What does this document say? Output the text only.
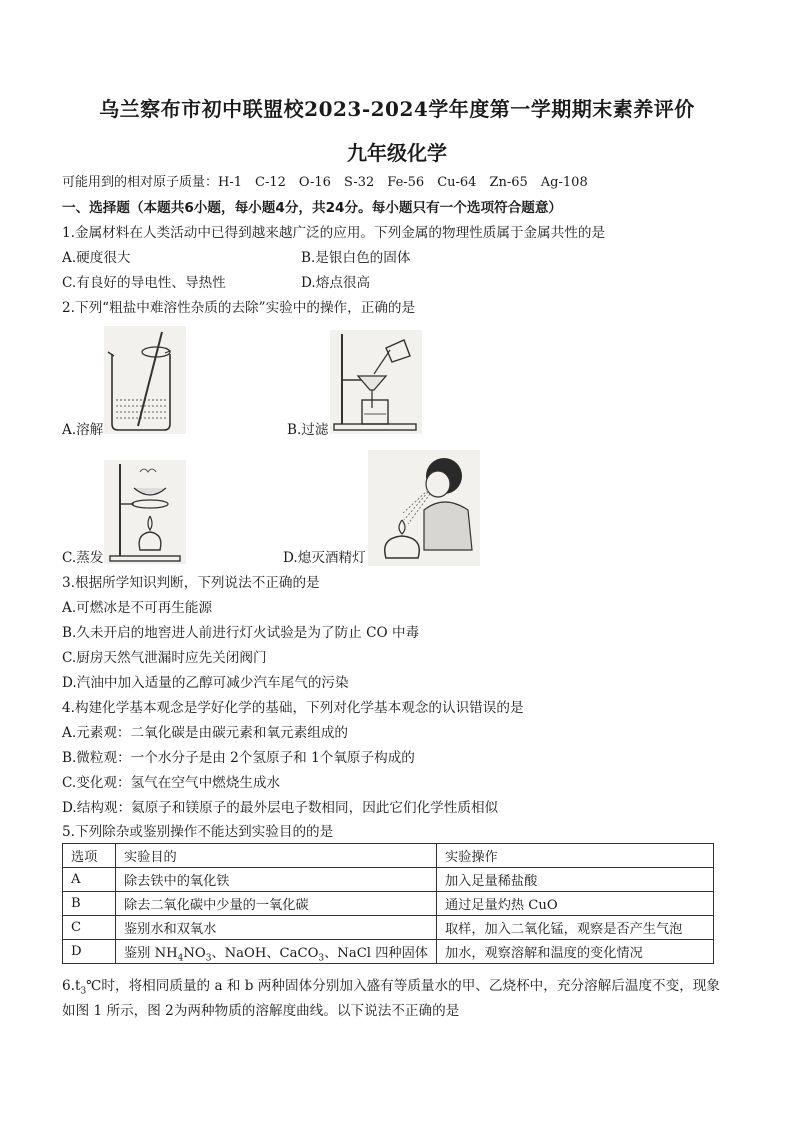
乌兰察布市初中联盟校2023-2024学年度第一学期期末素养评价
九年级化学
可能用到的相对原子质量：H-1　C-12　O-16　S-32　Fe-56　Cu-64　Zn-65　Ag-108
一、选择题（本题共6小题，每小题4分，共24分。每小题只有一个选项符合题意）
1.金属材料在人类活动中已得到越来越广泛的应用。下列金属的物理性质属于金属共性的是
A.硬度很大	B.是银白色的固体
C.有良好的导电性、导热性	D.熔点很高
2.下列“粗盐中难溶性杂质的去除”实验中的操作，正确的是
A.溶解	B.过滤
C.蒸发	D.熄灭酒精灯
3.根据所学知识判断，下列说法不正确的是
A.可燃冰是不可再生能源
B.久未开启的地窖进人前进行灯火试验是为了防止 CO 中毒
C.厨房天然气泄漏时应先关闭阀门
D.汽油中加入适量的乙醇可减少汽车尾气的污染
4.构建化学基本观念是学好化学的基础，下列对化学基本观念的认识错误的是
A.元素观：二氧化碳是由碳元素和氧元素组成的
B.微粒观：一个水分子是由 2个氢原子和 1个氧原子构成的
C.变化观：氢气在空气中燃烧生成水
D.结构观：氦原子和镁原子的最外层电子数相同，因此它们化学性质相似
5.下列除杂或鉴别操作不能达到实验目的的是
选项	实验目的	实验操作
A	除去铁中的氧化铁	加入足量稀盐酸
B	除去二氧化碳中少量的一氧化碳	通过足量灼热 CuO
C	鉴别水和双氧水	取样，加入二氧化锰，观察是否产生气泡
D	鉴别 $NH_4NO_3$、NaOH、CaCO$_3$、NaCl 四种固体	加水，观察溶解和温度的变化情况
$6.t_3℃$时，将相同质量的 a 和 b 两种固体分别加入盛有等质量水的甲、乙烧杯中，充分溶解后温度不变，现象
如图 1 所示，图 2为两种物质的溶解度曲线。以下说法不正确的是
